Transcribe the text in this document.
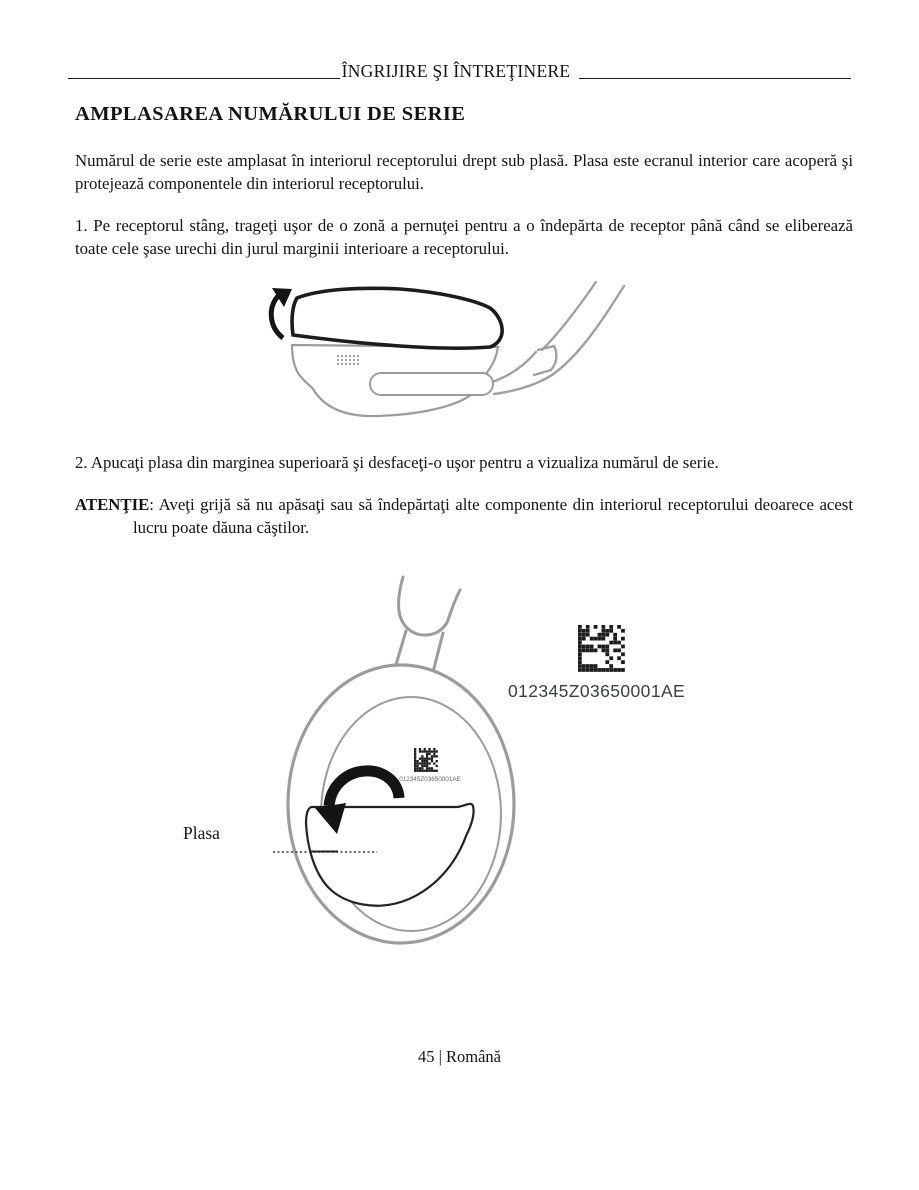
ÎNGRIJIRE ŞI ÎNTREŢINERE
AMPLASAREA NUMĂRULUI DE SERIE

Numărul de serie este amplasat în interiorul receptorului drept sub plasă. Plasa este ecranul interior care acoperă şi protejează componentele din interiorul receptorului.

1. Pe receptorul stâng, trageţi uşor de o zonă a pernuţei pentru a o îndepărta de receptor până când se eliberează toate cele şase urechi din jurul marginii interioare a receptorului.

2. Apucaţi plasa din marginea superioară şi desfaceţi-o uşor pentru a vizualiza numărul de serie.

ATENŢIE: Aveţi grijă să nu apăsaţi sau să îndepărtaţi alte componente din interiorul receptorului deoarece acest lucru poate dăuna căştilor.

012345Z03650001AE
012345Z03650001AE
Plasa
45 | Română
